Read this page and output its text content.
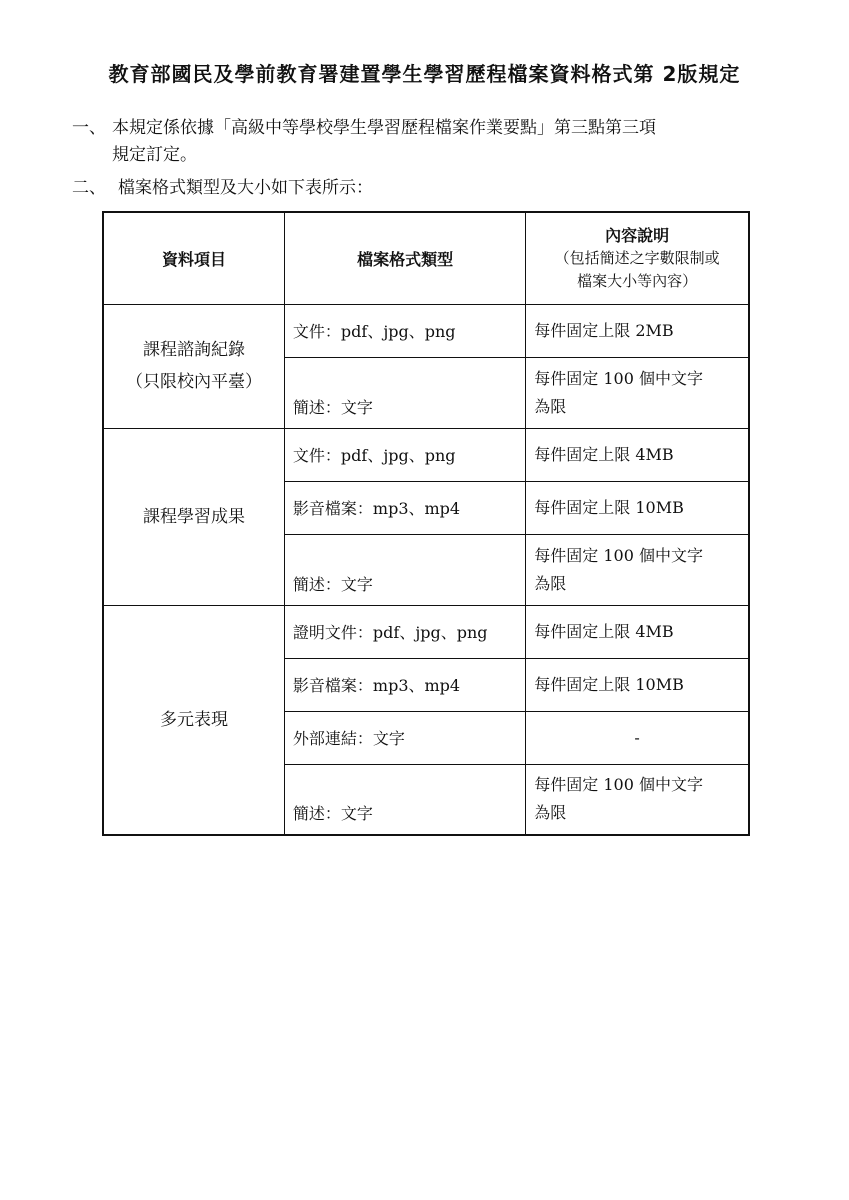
教育部國民及學前教育署建置學生學習歷程檔案資料格式第 2版規定
一、 本規定係依據「高級中等學校學生學習歷程檔案作業要點」第三點第三項
規定訂定。
二、 檔案格式類型及大小如下表所示：
資料項目	檔案格式類型	內容說明
（包括簡述之字數限制或
檔案大小等內容）

課程諮詢紀錄
（只限校內平臺）	文件：pdf、jpg、png	每件固定上限 2MB

	簡述：文字	每件固定 100 個中文字
為限

課程學習成果	文件：pdf、jpg、png	每件固定上限 4MB

	影音檔案：mp3、mp4	每件固定上限 10MB

	簡述：文字	每件固定 100 個中文字
為限

多元表現	證明文件：pdf、jpg、png	每件固定上限 4MB

	影音檔案：mp3、mp4	每件固定上限 10MB

	外部連結：文字	-

	簡述：文字	每件固定 100 個中文字
為限
